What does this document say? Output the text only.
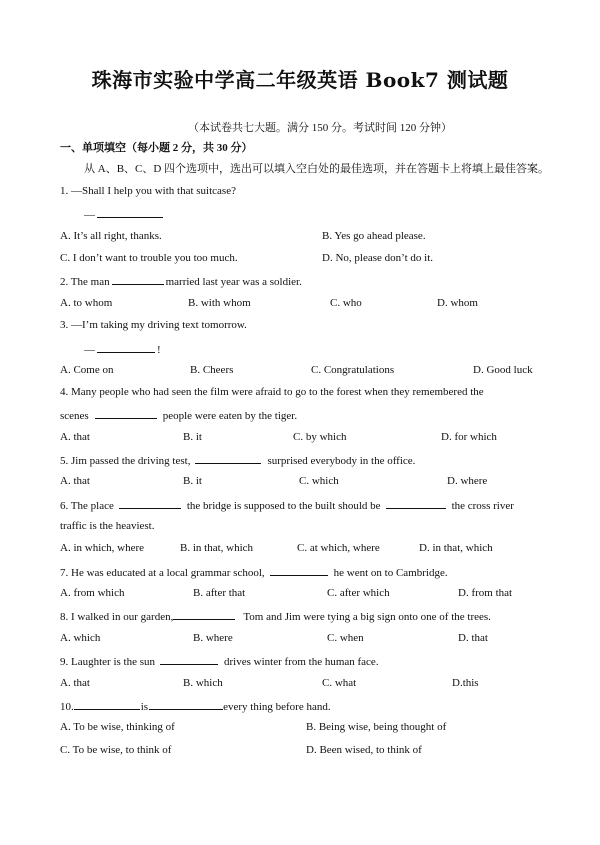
珠海市实验中学高二年级英语 Book7 测试题
（本试卷共七大题。满分 150 分。考试时间 120 分钟）
一、单项填空（每小题 2 分，共 30 分）
从 A、B、C、D 四个选项中，选出可以填入空白处的最佳选项，并在答题卡上将填上最佳答案。
1. —Shall I help you with that suitcase?
—
A. It’s all right, thanks.	B. Yes go ahead please.
C. I don’t want to trouble you too much.	D. No, please don’t do it.
2. The man	married last year was a soldier.
A. to whom	B. with whom	C. who	D. whom
3. —I’m taking my driving text tomorrow.
—	!
A. Come on	B. Cheers	C. Congratulations	D. Good luck
4. Many people who had seen the film were afraid to go to the forest when they remembered the
scenes	people were eaten by the tiger.
A. that	B. it	C. by which	D. for which
5. Jim passed the driving test,	surprised everybody in the office.
A. that	B. it	C. which	D. where
6. The place	the bridge is supposed to the built should be	the cross river
traffic is the heaviest.
A. in which, where	B. in that, which	C. at which, where	D. in that, which
7. He was educated at a local grammar school,	he went on to Cambridge.
A. from which	B. after that	C. after which	D. from that
8. I walked in our garden,	Tom and Jim were tying a big sign onto one of the trees.
A. which	B. where	C. when	D. that
9. Laughter is the sun	drives winter from the human face.
A. that	B. which	C. what	D.this
10.	is	every thing before hand.
A. To be wise, thinking of	B. Being wise, being thought of
C. To be wise, to think of	D. Been wised, to think of
